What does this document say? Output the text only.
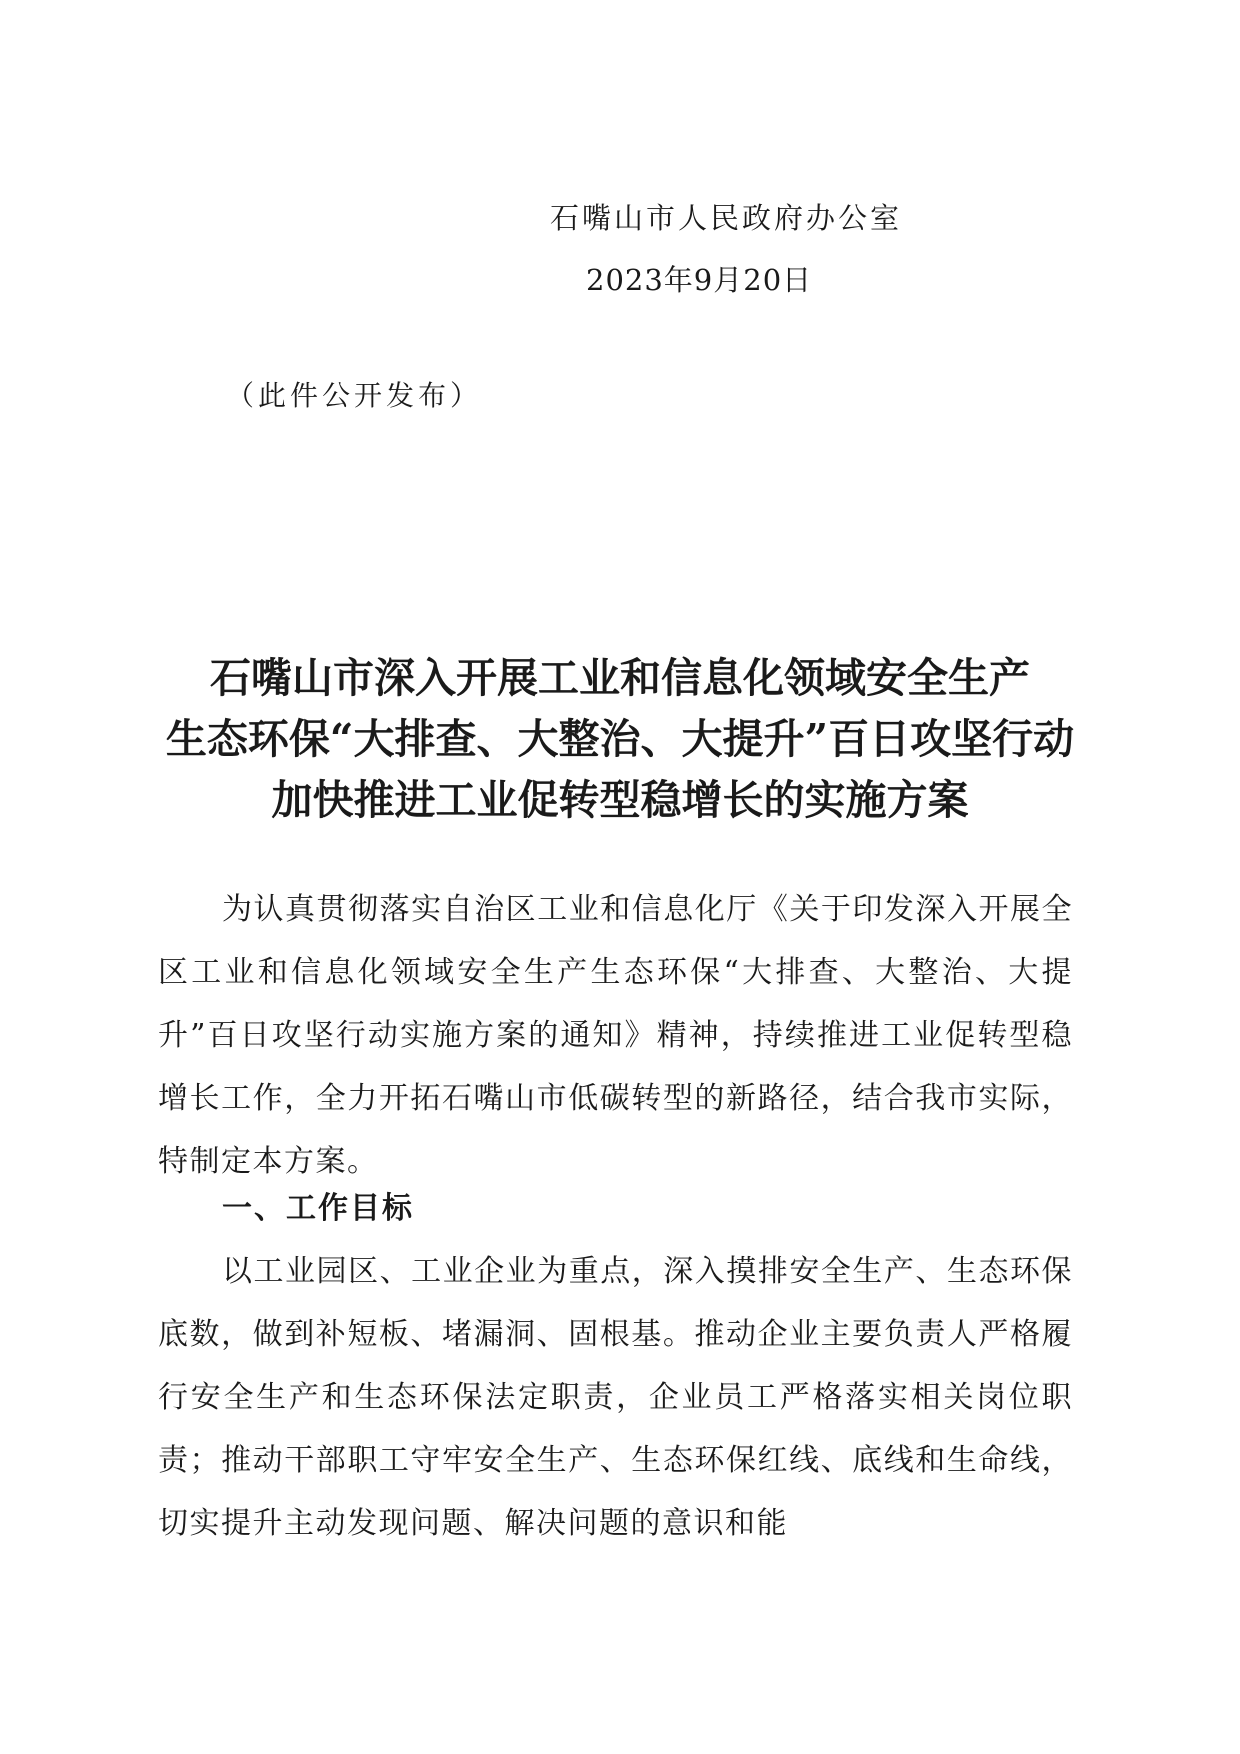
石嘴山市人民政府办公室
2023年9月20日
（此件公开发布）
石嘴山市深入开展工业和信息化领域安全生产
生态环保“大排查、大整治、大提升”百日攻坚行动
加快推进工业促转型稳增长的实施方案

为认真贯彻落实自治区工业和信息化厅《关于印发深入开展全区工业和信息化领域安全生产生态环保“大排查、大整治、大提升”百日攻坚行动实施方案的通知》精神，持续推进工业促转型稳增长工作，全力开拓石嘴山市低碳转型的新路径，结合我市实际，特制定本方案。

一、工作目标

以工业园区、工业企业为重点，深入摸排安全生产、生态环保底数，做到补短板、堵漏洞、固根基。推动企业主要负责人严格履行安全生产和生态环保法定职责，企业员工严格落实相关岗位职责；推动干部职工守牢安全生产、生态环保红线、底线和生命线，切实提升主动发现问题、解决问题的意识和能
